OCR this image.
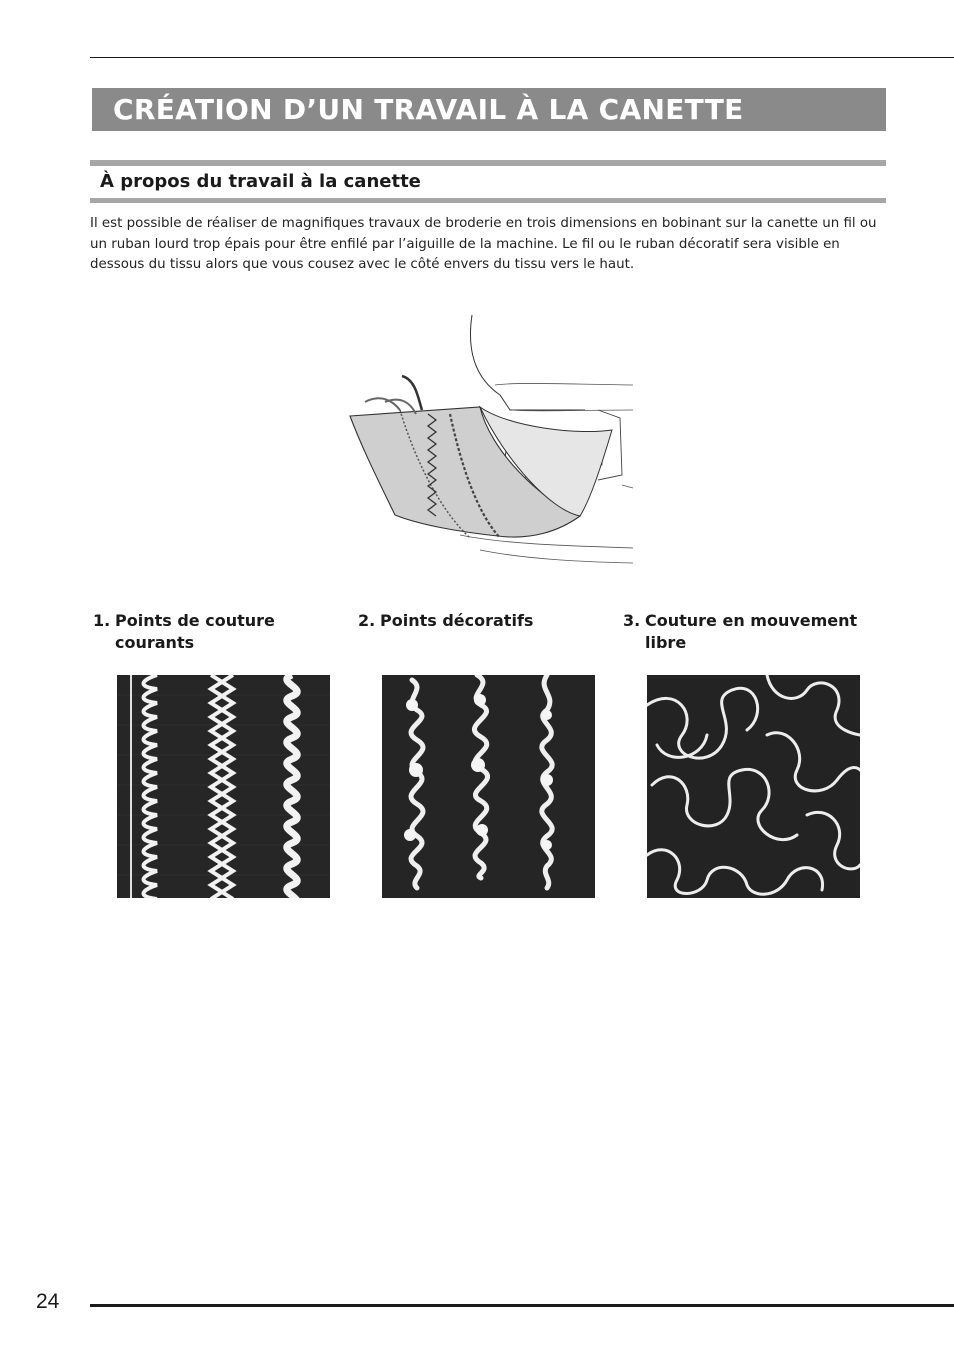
CRÉATION D’UN TRAVAIL À LA CANETTE
À propos du travail à la canette

Il est possible de réaliser de magnifiques travaux de broderie en trois dimensions en bobinant sur la canette un fil ou un ruban lourd trop épais pour être enfilé par l’aiguille de la machine. Le fil ou le ruban décoratif sera visible en dessous du tissu alors que vous cousez avec le côté envers du tissu vers le haut.

1. Points de couture courants
2. Points décoratifs	3. Couture en mouvement libre
24
